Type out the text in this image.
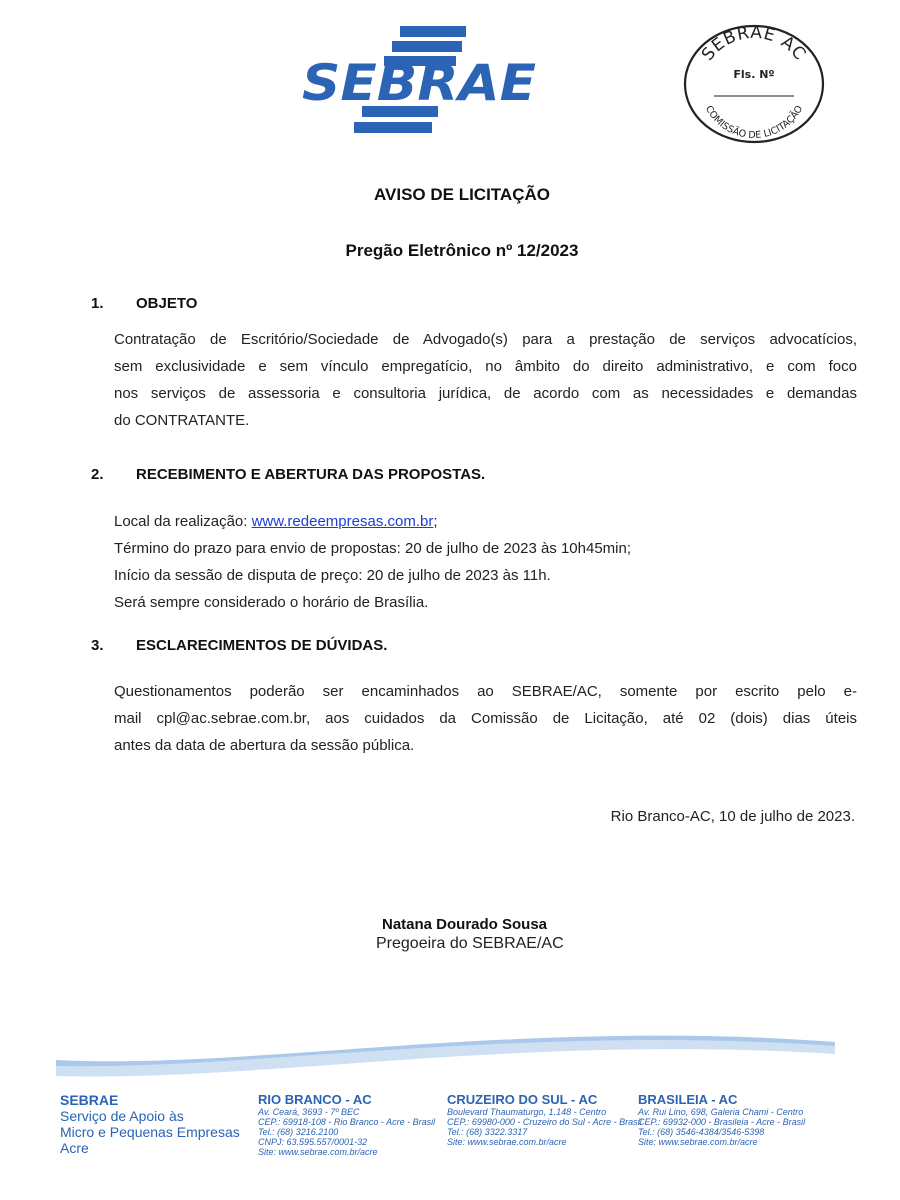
SEBRAE
SEBRAE AC
Fls. Nº
COMISSÃO DE LICITAÇÃO
AVISO DE LICITAÇÃO
Pregão Eletrônico nº 12/2023
1. OBJETO
Contratação de Escritório/Sociedade de Advogado(s) para a prestação de serviços advocatícios,
sem exclusividade e sem vínculo empregatício, no âmbito do direito administrativo, e com foco
nos serviços de assessoria e consultoria jurídica, de acordo com as necessidades e demandas
do CONTRATANTE.
2. RECEBIMENTO E ABERTURA DAS PROPOSTAS.
Local da realização: www.redeempresas.com.br;
Término do prazo para envio de propostas: 20 de julho de 2023 às 10h45min;
Início da sessão de disputa de preço: 20 de julho de 2023 às 11h.
Será sempre considerado o horário de Brasília.
3. ESCLARECIMENTOS DE DÚVIDAS.
Questionamentos poderão ser encaminhados ao SEBRAE/AC, somente por escrito pelo e-
mail cpl@ac.sebrae.com.br, aos cuidados da Comissão de Licitação, até 02 (dois) dias úteis
antes da data de abertura da sessão pública.
Rio Branco-AC, 10 de julho de 2023.
Natana Dourado Sousa
Pregoeira do SEBRAE/AC
SEBRAE
Serviço de Apoio às
Micro e Pequenas Empresas
Acre
RIO BRANCO - AC
Av. Ceará, 3693 - 7º BEC
CEP.: 69918-108 - Rio Branco - Acre - Brasil
Tel.: (68) 3216.2100
CNPJ: 63.595.557/0001-32
Site: www.sebrae.com.br/acre
CRUZEIRO DO SUL - AC
Boulevard Thaumaturgo, 1.148 - Centro
CEP.: 69980-000 - Cruzeiro do Sul - Acre - Brasil
Tel.: (68) 3322.3317
Site: www.sebrae.com.br/acre
BRASILEIA - AC
Av. Rui Lino, 698, Galeria Chami - Centro
CEP.: 69932-000 - Brasileia - Acre - Brasil
Tel.: (68) 3546-4384/3546-5398
Site: www.sebrae.com.br/acre
